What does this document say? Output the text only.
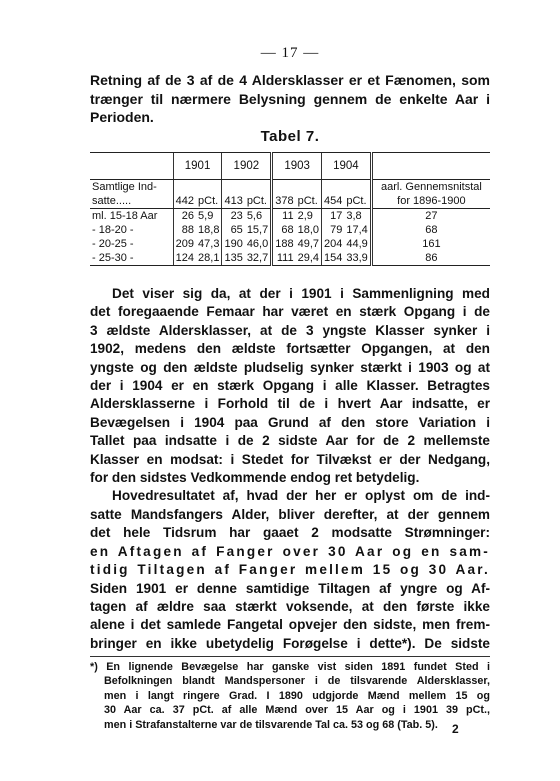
— 17 —
Retning af de 3 af de 4 Aldersklasser er et Fænomen, som
trænger til nærmere Belysning gennem de enkelte Aar i
Perioden.
Tabel 7.
	1901		1902		1903		1904		
Samtlige Ind-									aarl. Gennemsnitstal
satte.....	442	pCt.	413	pCt.	378	pCt.	454	pCt.	for 1896-1900
ml. 15-18 Aar	26	5,9	23	5,6	11	2,9	17	3,8	27
- 18-20 -	88	18,8	65	15,7	68	18,0	79	17,4	68
- 20-25 -	209	47,3	190	46,0	188	49,7	204	44,9	161
- 25-30 -	124	28,1	135	32,7	111	29,4	154	33,9	86
Det viser sig da, at der i 1901 i Sammenligning med
det foregaaende Femaar har været en stærk Opgang i de
3 ældste Aldersklasser, at de 3 yngste Klasser synker i
1902, medens den ældste fortsætter Opgangen, at den
yngste og den ældste pludselig synker stærkt i 1903 og at
der i 1904 er en stærk Opgang i alle Klasser. Betragtes
Aldersklasserne i Forhold til de i hvert Aar indsatte, er
Bevægelsen i 1904 paa Grund af den store Variation i
Tallet paa indsatte i de 2 sidste Aar for de 2 mellemste
Klasser en modsat: i Stedet for Tilvækst er der Nedgang,
for den sidstes Vedkommende endog ret betydelig.
Hovedresultatet af, hvad der her er oplyst om de ind-
satte Mandsfangers Alder, bliver derefter, at der gennem
det hele Tidsrum har gaaet 2 modsatte Strømninger:
en Aftagen af Fanger over 30 Aar og en sam-
tidig Tiltagen af Fanger mellem 15 og 30 Aar.
Siden 1901 er denne samtidige Tiltagen af yngre og Af-
tagen af ældre saa stærkt voksende, at den første ikke
alene i det samlede Fangetal opvejer den sidste, men frem-
bringer en ikke ubetydelig Forøgelse i dette*). De sidste
*) En lignende Bevægelse har ganske vist siden 1891 fundet Sted i
Befolkningen blandt Mandspersoner i de tilsvarende Aldersklasser,
men i langt ringere Grad. I 1890 udgjorde Mænd mellem 15 og
30 Aar ca. 37 pCt. af alle Mænd over 15 Aar og i 1901 39 pCt.,
men i Strafanstalterne var de tilsvarende Tal ca. 53 og 68 (Tab. 5).	2
